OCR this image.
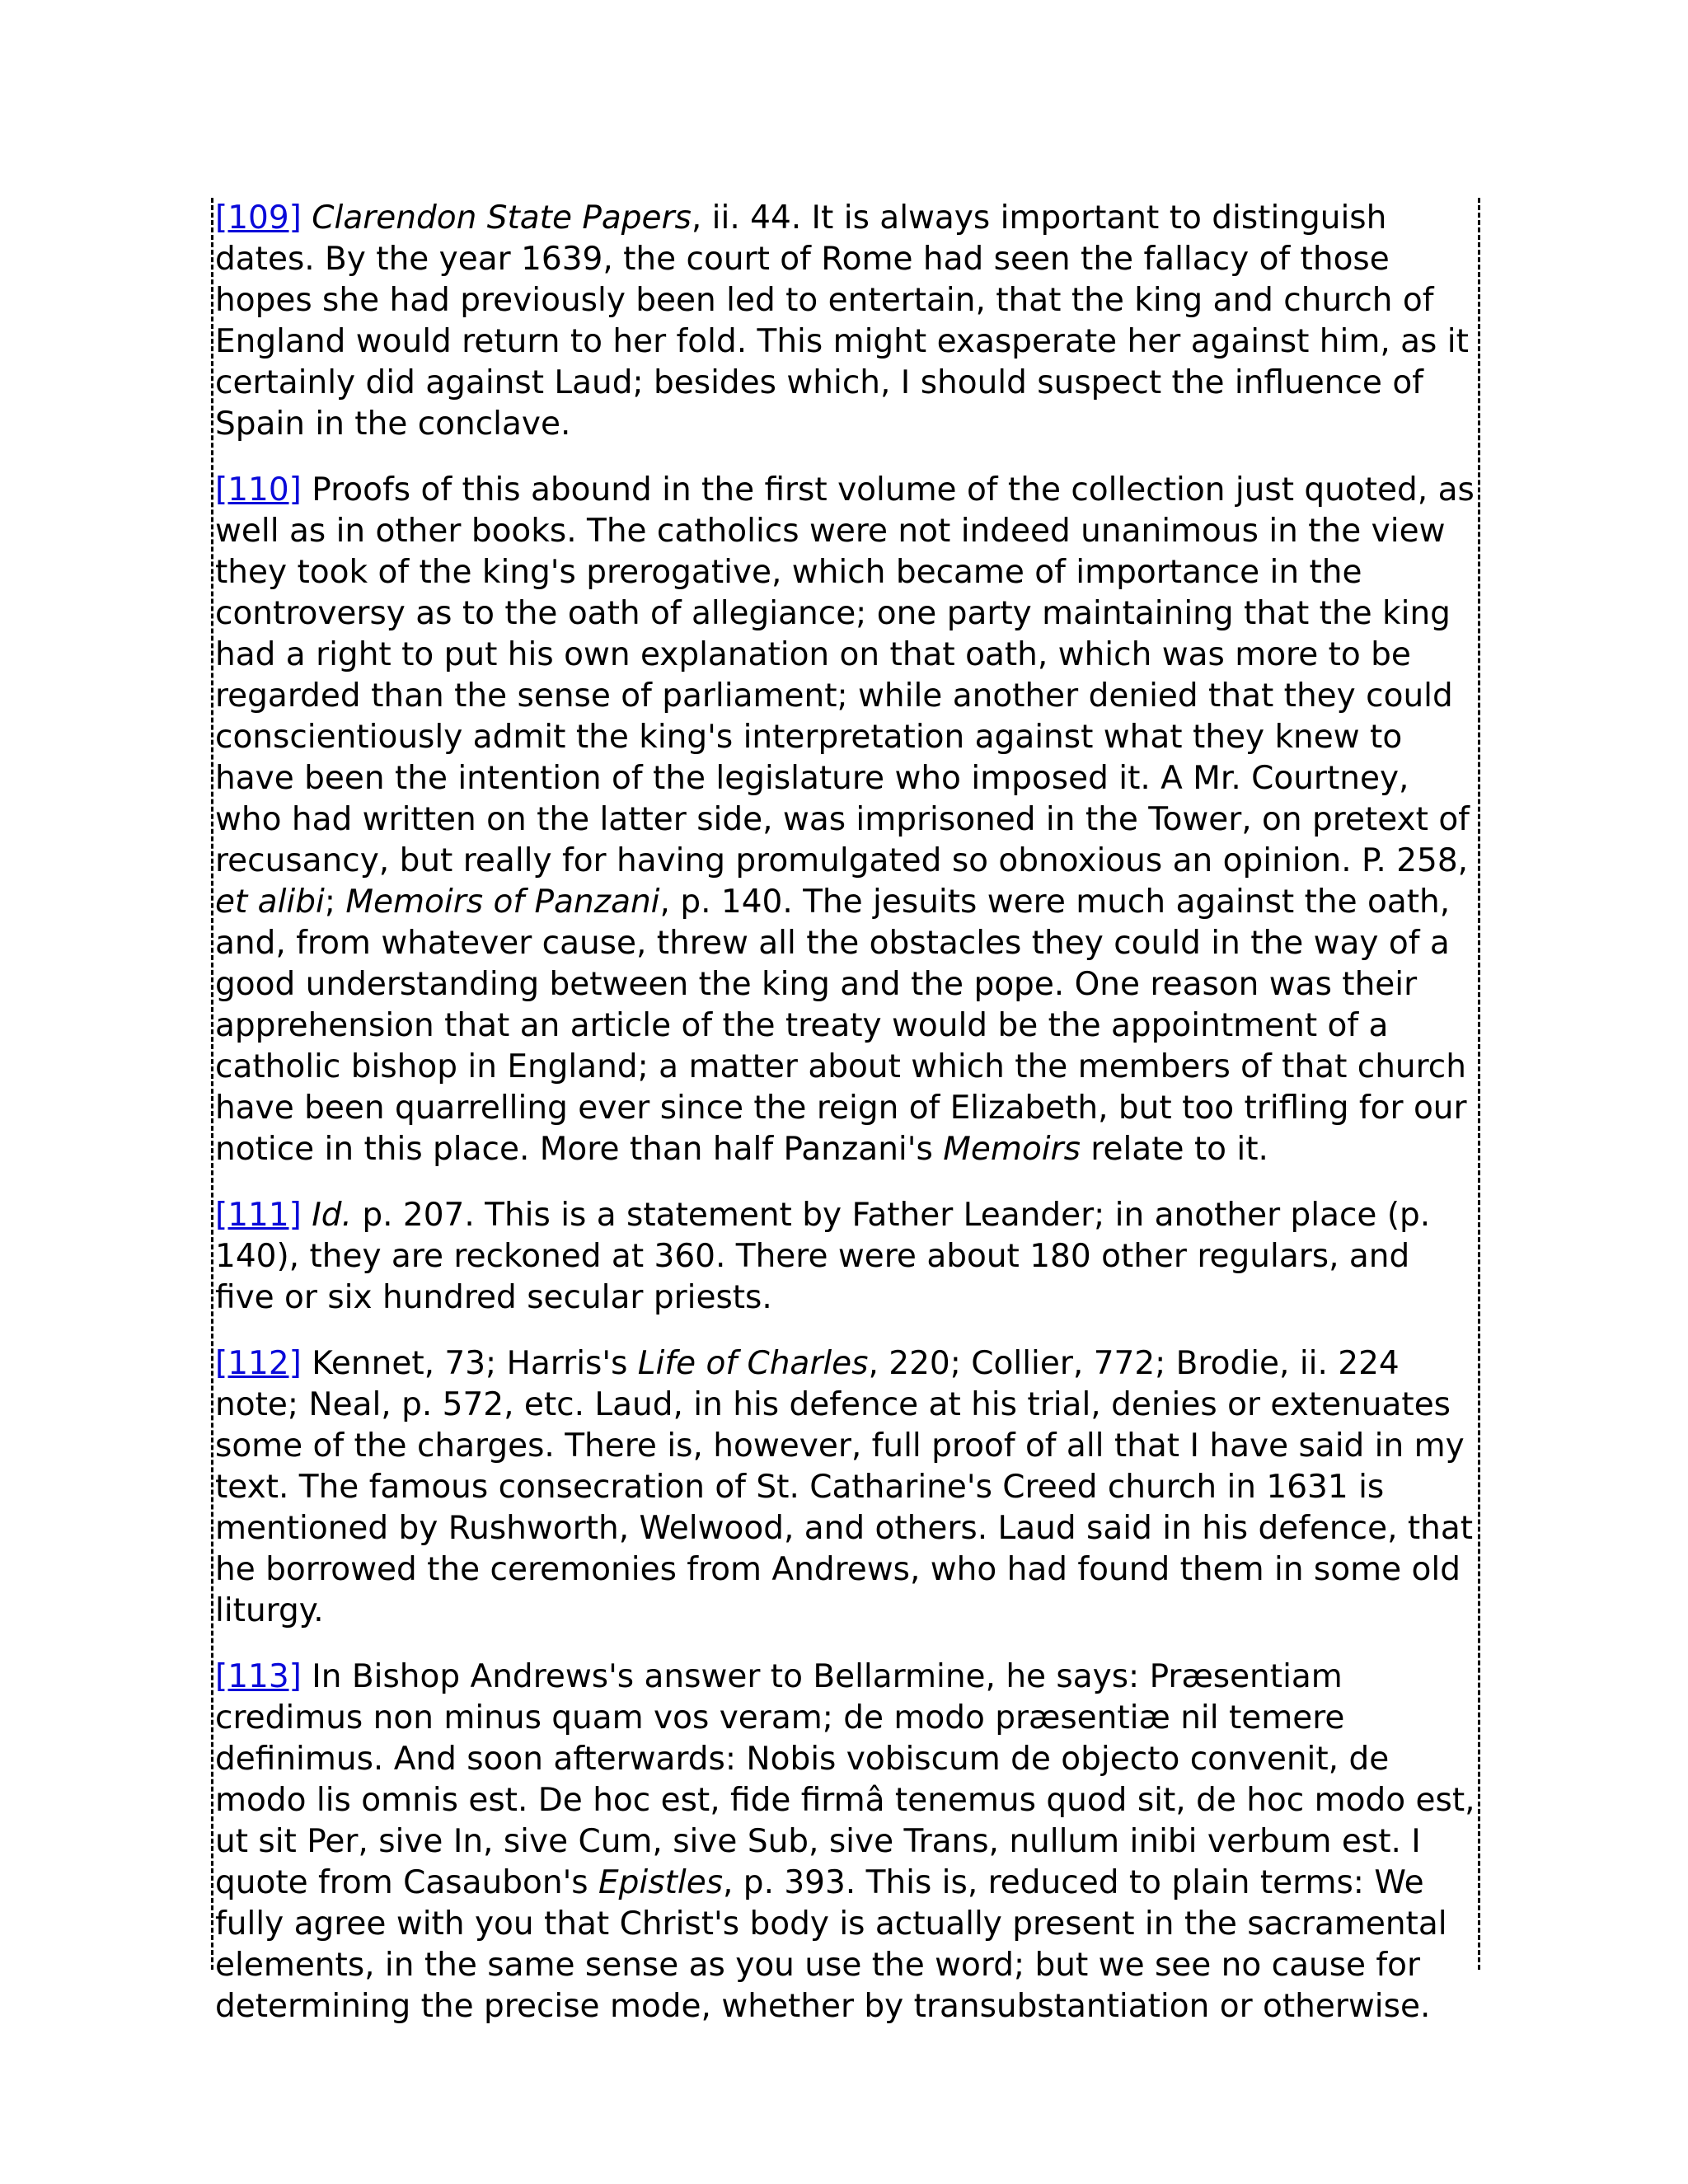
[109] Clarendon State Papers, ii. 44. It is always important to distinguish dates. By the year 1639, the court of Rome had seen the fallacy of those hopes she had previously been led to entertain, that the king and church of England would return to her fold. This might exasperate her against him, as it certainly did against Laud; besides which, I should suspect the influence of Spain in the conclave.

[110] Proofs of this abound in the first volume of the collection just quoted, as well as in other books. The catholics were not indeed unanimous in the view they took of the king's prerogative, which became of importance in the controversy as to the oath of allegiance; one party maintaining that the king had a right to put his own explanation on that oath, which was more to be regarded than the sense of parliament; while another denied that they could conscientiously admit the king's interpretation against what they knew to have been the intention of the legislature who imposed it. A Mr. Courtney, who had written on the latter side, was imprisoned in the Tower, on pretext of recusancy, but really for having promulgated so obnoxious an opinion. P. 258, et alibi; Memoirs of Panzani, p. 140. The jesuits were much against the oath, and, from whatever cause, threw all the obstacles they could in the way of a good understanding between the king and the pope. One reason was their apprehension that an article of the treaty would be the appointment of a catholic bishop in England; a matter about which the members of that church have been quarrelling ever since the reign of Elizabeth, but too trifling for our notice in this place. More than half Panzani's Memoirs relate to it.

[111] Id. p. 207. This is a statement by Father Leander; in another place (p. 140), they are reckoned at 360. There were about 180 other regulars, and five or six hundred secular priests.

[112] Kennet, 73; Harris's Life of Charles, 220; Collier, 772; Brodie, ii. 224 note; Neal, p. 572, etc. Laud, in his defence at his trial, denies or extenuates some of the charges. There is, however, full proof of all that I have said in my text. The famous consecration of St. Catharine's Creed church in 1631 is mentioned by Rushworth, Welwood, and others. Laud said in his defence, that he borrowed the ceremonies from Andrews, who had found them in some old liturgy.

[113] In Bishop Andrews's answer to Bellarmine, he says: Præsentiam credimus non minus quam vos veram; de modo præsentiæ nil temere definimus. And soon afterwards: Nobis vobiscum de objecto convenit, de modo lis omnis est. De hoc est, fide firmâ tenemus quod sit, de hoc modo est, ut sit Per, sive In, sive Cum, sive Sub, sive Trans, nullum inibi verbum est. I quote from Casaubon's Epistles, p. 393. This is, reduced to plain terms: We fully agree with you that Christ's body is actually present in the sacramental elements, in the same sense as you use the word; but we see no cause for determining the precise mode, whether by transubstantiation or otherwise.
